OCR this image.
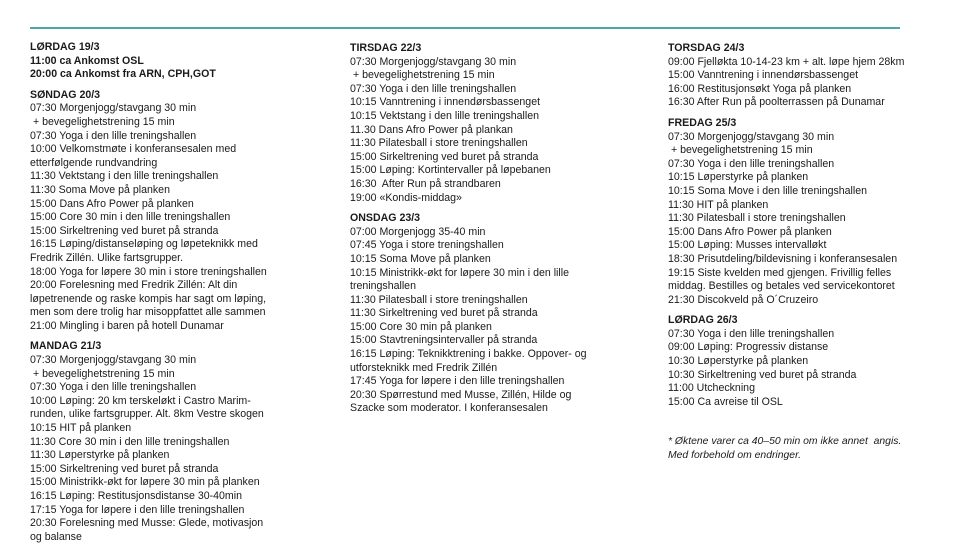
LØRDAG 19/3
11:00 ca Ankomst OSL
20:00 ca Ankomst fra ARN, CPH,GOT
SØNDAG 20/3
07:30 Morgenjogg/stavgang 30 min
+ bevegelighetstrening 15 min
07:30 Yoga i den lille treningshallen
10:00 Velkomstmøte i konferansesalen med
etterfølgende rundvandring
11:30 Vektstang i den lille treningshallen
11:30 Soma Move på planken
15:00 Dans Afro Power på planken
15:00 Core 30 min i den lille treningshallen
15:00 Sirkeltrening ved buret på stranda
16:15 Løping/distanseløping og løpeteknikk med
Fredrik Zillén. Ulike fartsgrupper.
18:00 Yoga for løpere 30 min i store treningshallen
20:00 Forelesning med Fredrik Zillén: Alt din
løpetrenende og raske kompis har sagt om løping,
men som dere trolig har misoppfattet alle sammen
21:00 Mingling i baren på hotell Dunamar
MANDAG 21/3
07:30 Morgenjogg/stavgang 30 min
+ bevegelighetstrening 15 min
07:30 Yoga i den lille treningshallen
10:00 Løping: 20 km terskeløkt i Castro Marim-
runden, ulike fartsgrupper. Alt. 8km Vestre skogen
10:15 HIT på planken
11:30 Core 30 min i den lille treningshallen
11:30 Løperstyrke på planken
15:00 Sirkeltrening ved buret på stranda
15:00 Ministrikk-økt for løpere 30 min på planken
16:15 Løping: Restitusjonsdistanse 30-40min
17:15 Yoga for løpere i den lille treningshallen
20:30 Forelesning med Musse: Glede, motivasjon
og balanse
TIRSDAG 22/3
07:30 Morgenjogg/stavgang 30 min
+ bevegelighetstrening 15 min
07:30 Yoga i den lille treningshallen
10:15 Vanntrening i innendørsbassenget
10:15 Vektstang i den lille treningshallen
11.30 Dans Afro Power på plankan
11:30 Pilatesball i store treningshallen
15:00 Sirkeltrening ved buret på stranda
15:00 Løping: Kortintervaller på løpebanen
16:30  After Run på strandbaren
19:00 «Kondis-middag»
ONSDAG 23/3
07:00 Morgenjogg 35-40 min
07:45 Yoga i store treningshallen
10:15 Soma Move på planken
10:15 Ministrikk-økt for løpere 30 min i den lille
treningshallen
11:30 Pilatesball i store treningshallen
11:30 Sirkeltrening ved buret på stranda
15:00 Core 30 min på planken
15:00 Stavtreningsintervaller på stranda
16:15 Løping: Teknikktrening i bakke. Oppover- og
utforsteknikk med Fredrik Zillén
17:45 Yoga for løpere i den lille treningshallen
20:30 Spørrestund med Musse, Zillén, Hilde og
Szacke som moderator. I konferansesalen
TORSDAG 24/3
09:00 Fjelløkta 10-14-23 km + alt. løpe hjem 28km
15:00 Vanntrening i innendørsbassenget
16:00 Restitusjonsøkt Yoga på planken
16:30 After Run på poolterrassen på Dunamar
FREDAG 25/3
07:30 Morgenjogg/stavgang 30 min
+ bevegelighetstrening 15 min
07:30 Yoga i den lille treningshallen
10:15 Løperstyrke på planken
10:15 Soma Move i den lille treningshallen
11:30 HIT på planken
11:30 Pilatesball i store treningshallen
15:00 Dans Afro Power på planken
15:00 Løping: Musses intervalløkt
18:30 Prisutdeling/bildevisning i konferansesalen
19:15 Siste kvelden med gjengen. Frivillig felles
middag. Bestilles og betales ved servicekontoret
21:30 Discokveld på O´Cruzeiro
LØRDAG 26/3
07:30 Yoga i den lille treningshallen
09:00 Løping: Progressiv distanse
10:30 Løperstyrke på planken
10:30 Sirkeltrening ved buret på stranda
11:00 Utcheckning
15:00 Ca avreise til OSL
* Øktene varer ca 40–50 min om ikke annet  angis.
Med forbehold om endringer.
